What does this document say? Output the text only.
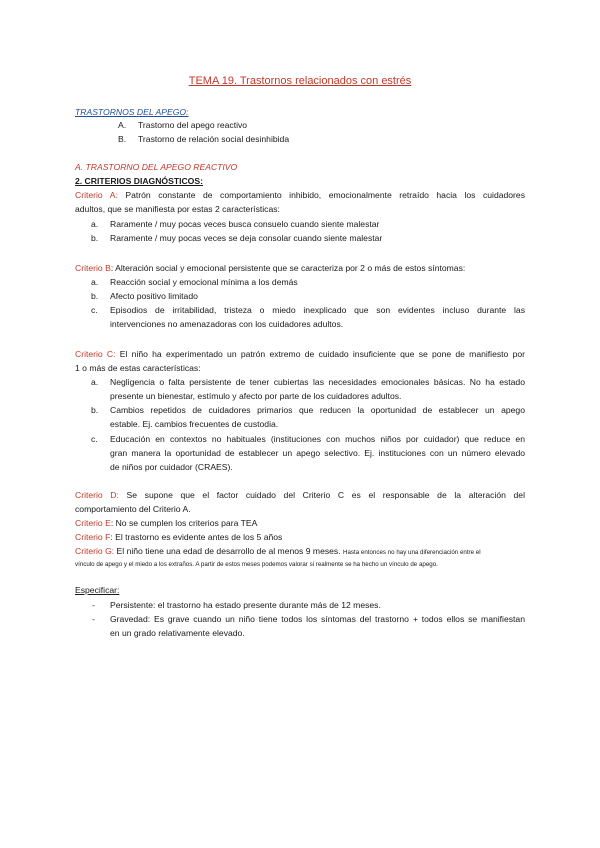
TEMA 19. Trastornos relacionados con estrés
TRASTORNOS DEL APEGO:
A. Trastorno del apego reactivo
B. Trastorno de relación social desinhibida
A. TRASTORNO DEL APEGO REACTIVO
2. CRITERIOS DIAGNÓSTICOS:
Criterio A: Patrón constante de comportamiento inhibido, emocionalmente retraído hacia los cuidadores
adultos, que se manifiesta por estas 2 características:
a. Raramente / muy pocas veces busca consuelo cuando siente malestar
b. Raramente / muy pocas veces se deja consolar cuando siente malestar
Criterio B: Alteración social y emocional persistente que se caracteriza por 2 o más de estos síntomas:
a. Reacción social y emocional mínima a los demás
b. Afecto positivo limitado
c. Episodios de irritabilidad, tristeza o miedo inexplicado que son evidentes incluso durante las
intervenciones no amenazadoras con los cuidadores adultos.
Criterio C: El niño ha experimentado un patrón extremo de cuidado insuficiente que se pone de manifiesto por
1 o más de estas características:
a. Negligencia o falta persistente de tener cubiertas las necesidades emocionales básicas. No ha estado
presente un bienestar, estímulo y afecto por parte de los cuidadores adultos.
b. Cambios repetidos de cuidadores primarios que reducen la oportunidad de establecer un apego
estable. Ej. cambios frecuentes de custodia.
c. Educación en contextos no habituales (instituciones con muchos niños por cuidador) que reduce en
gran manera la oportunidad de establecer un apego selectivo. Ej. instituciones con un número elevado
de niños por cuidador (CRAES).
Criterio D: Se supone que el factor cuidado del Criterio C es el responsable de la alteración del
comportamiento del Criterio A.
Criterio E: No se cumplen los criterios para TEA
Criterio F: El trastorno es evidente antes de los 5 años
Criterio G: El niño tiene una edad de desarrollo de al menos 9 meses. Hasta entonces no hay una diferenciación entre el
vínculo de apego y el miedo a los extraños. A partir de estos meses podemos valorar si realmente se ha hecho un vínculo de apego.
Especificar:
- Persistente: el trastorno ha estado presente durante más de 12 meses.
- Gravedad: Es grave cuando un niño tiene todos los síntomas del trastorno + todos ellos se manifiestan
en un grado relativamente elevado.
